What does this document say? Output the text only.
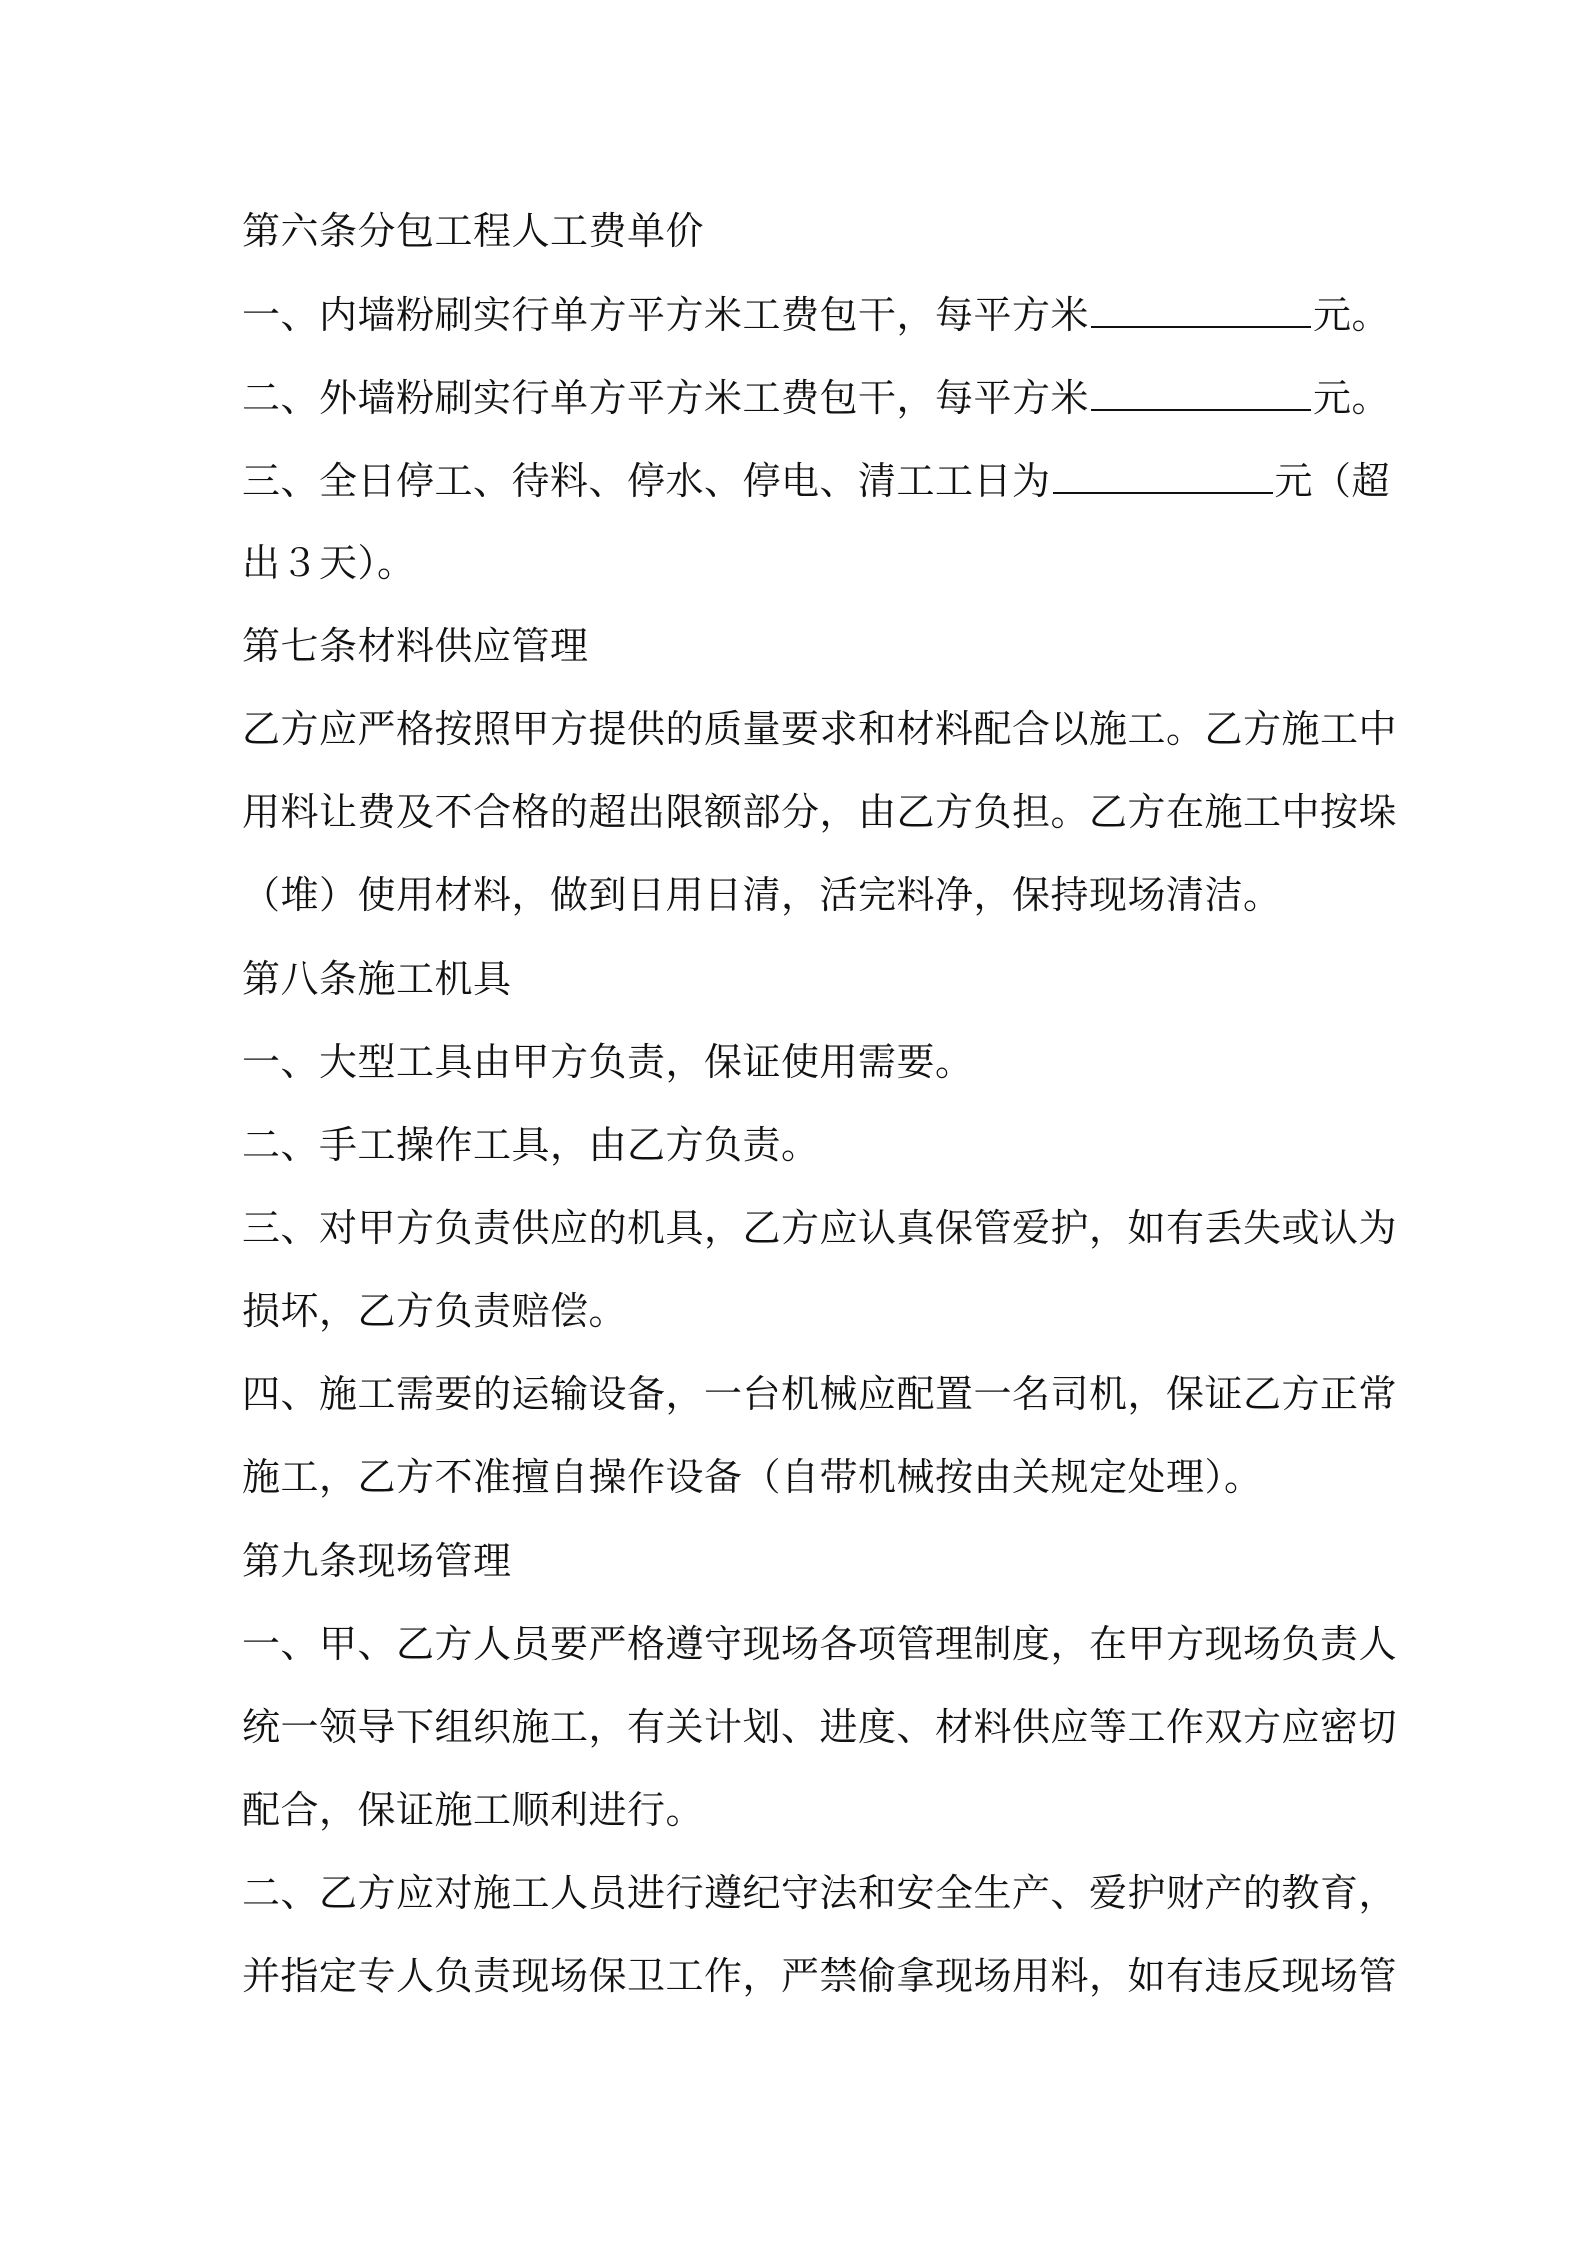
第六条分包工程人工费单价
一、内墙粉刷实行单方平方米工费包干，每平方米	元。
二、外墙粉刷实行单方平方米工费包干，每平方米	元。
三、全日停工、待料、停水、停电、清工工日为	元（超
出３天）。
第七条材料供应管理
乙方应严格按照甲方提供的质量要求和材料配合以施工。乙方施工中
用料让费及不合格的超出限额部分，由乙方负担。乙方在施工中按垛
（堆）使用材料，做到日用日清，活完料净，保持现场清洁。
第八条施工机具
一、大型工具由甲方负责，保证使用需要。
二、手工操作工具，由乙方负责。
三、对甲方负责供应的机具，乙方应认真保管爱护，如有丢失或认为
损坏，乙方负责赔偿。
四、施工需要的运输设备，一台机械应配置一名司机，保证乙方正常
施工，乙方不准擅自操作设备（自带机械按由关规定处理）。
第九条现场管理
一、甲、乙方人员要严格遵守现场各项管理制度，在甲方现场负责人
统一领导下组织施工，有关计划、进度、材料供应等工作双方应密切
配合，保证施工顺利进行。
二、乙方应对施工人员进行遵纪守法和安全生产、爱护财产的教育，
并指定专人负责现场保卫工作，严禁偷拿现场用料，如有违反现场管
